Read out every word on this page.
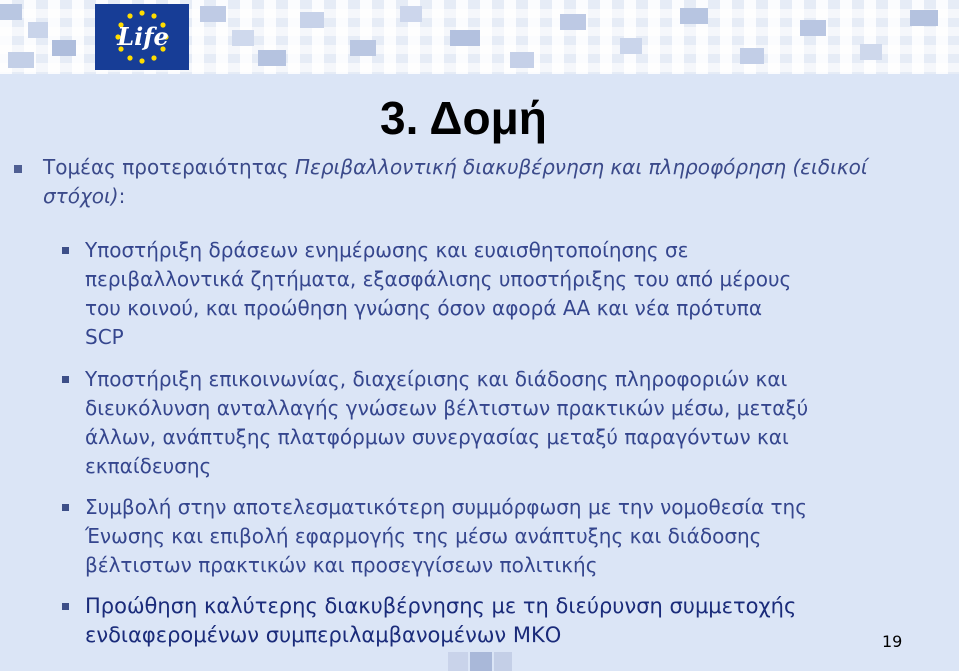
Life
3. Δομή
Τομέας προτεραιότητας Περιβαλλοντική διακυβέρνηση και πληροφόρηση (ειδικοί στόχοι):
Υποστήριξη δράσεων ενημέρωσης και ευαισθητοποίησης σε
περιβαλλοντικά ζητήματα, εξασφάλισης υποστήριξης του από μέρους
του κοινού, και προώθηση γνώσης όσον αφορά ΑΑ και νέα πρότυπα
SCP
Υποστήριξη επικοινωνίας, διαχείρισης και διάδοσης πληροφοριών και
διευκόλυνση ανταλλαγής γνώσεων βέλτιστων πρακτικών μέσω, μεταξύ
άλλων, ανάπτυξης πλατφόρμων συνεργασίας μεταξύ παραγόντων και
εκπαίδευσης
Συμβολή στην αποτελεσματικότερη συμμόρφωση με την νομοθεσία της
Ένωσης και επιβολή εφαρμογής της μέσω ανάπτυξης και διάδοσης
βέλτιστων πρακτικών και προσεγγίσεων πολιτικής
Προώθηση καλύτερης διακυβέρνησης με τη διεύρυνση συμμετοχής
ενδιαφερομένων συμπεριλαμβανομένων ΜΚΟ	19
